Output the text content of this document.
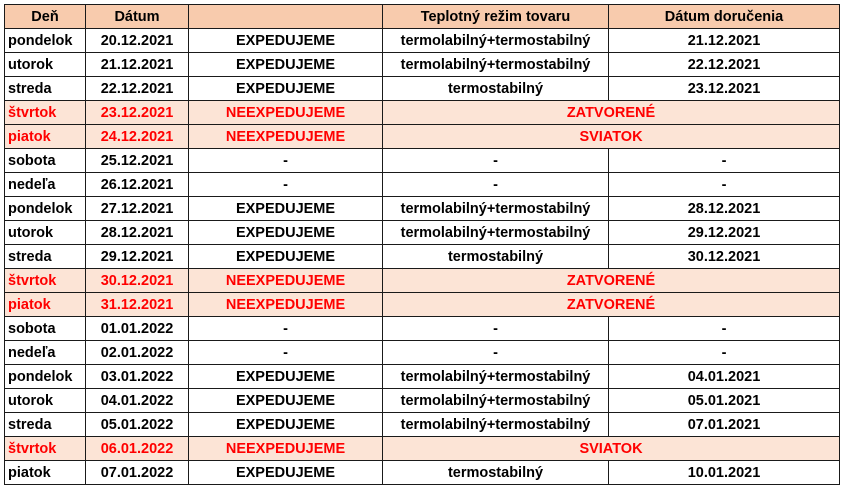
Deň	Dátum		Teplotný režim tovaru	Dátum doručenia
pondelok	20.12.2021	EXPEDUJEME	termolabilný+termostabilný	21.12.2021
utorok	21.12.2021	EXPEDUJEME	termolabilný+termostabilný	22.12.2021
streda	22.12.2021	EXPEDUJEME	termostabilný	23.12.2021
štvrtok	23.12.2021	NEEXPEDUJEME	ZATVORENÉ	
piatok	24.12.2021	NEEXPEDUJEME	SVIATOK	
sobota	25.12.2021	-	-	-
nedeľa	26.12.2021	-	-	-
pondelok	27.12.2021	EXPEDUJEME	termolabilný+termostabilný	28.12.2021
utorok	28.12.2021	EXPEDUJEME	termolabilný+termostabilný	29.12.2021
streda	29.12.2021	EXPEDUJEME	termostabilný	30.12.2021
štvrtok	30.12.2021	NEEXPEDUJEME	ZATVORENÉ	
piatok	31.12.2021	NEEXPEDUJEME	ZATVORENÉ	
sobota	01.01.2022	-	-	-
nedeľa	02.01.2022	-	-	-
pondelok	03.01.2022	EXPEDUJEME	termolabilný+termostabilný	04.01.2021
utorok	04.01.2022	EXPEDUJEME	termolabilný+termostabilný	05.01.2021
streda	05.01.2022	EXPEDUJEME	termolabilný+termostabilný	07.01.2021
štvrtok	06.01.2022	NEEXPEDUJEME	SVIATOK	
piatok	07.01.2022	EXPEDUJEME	termostabilný	10.01.2021
